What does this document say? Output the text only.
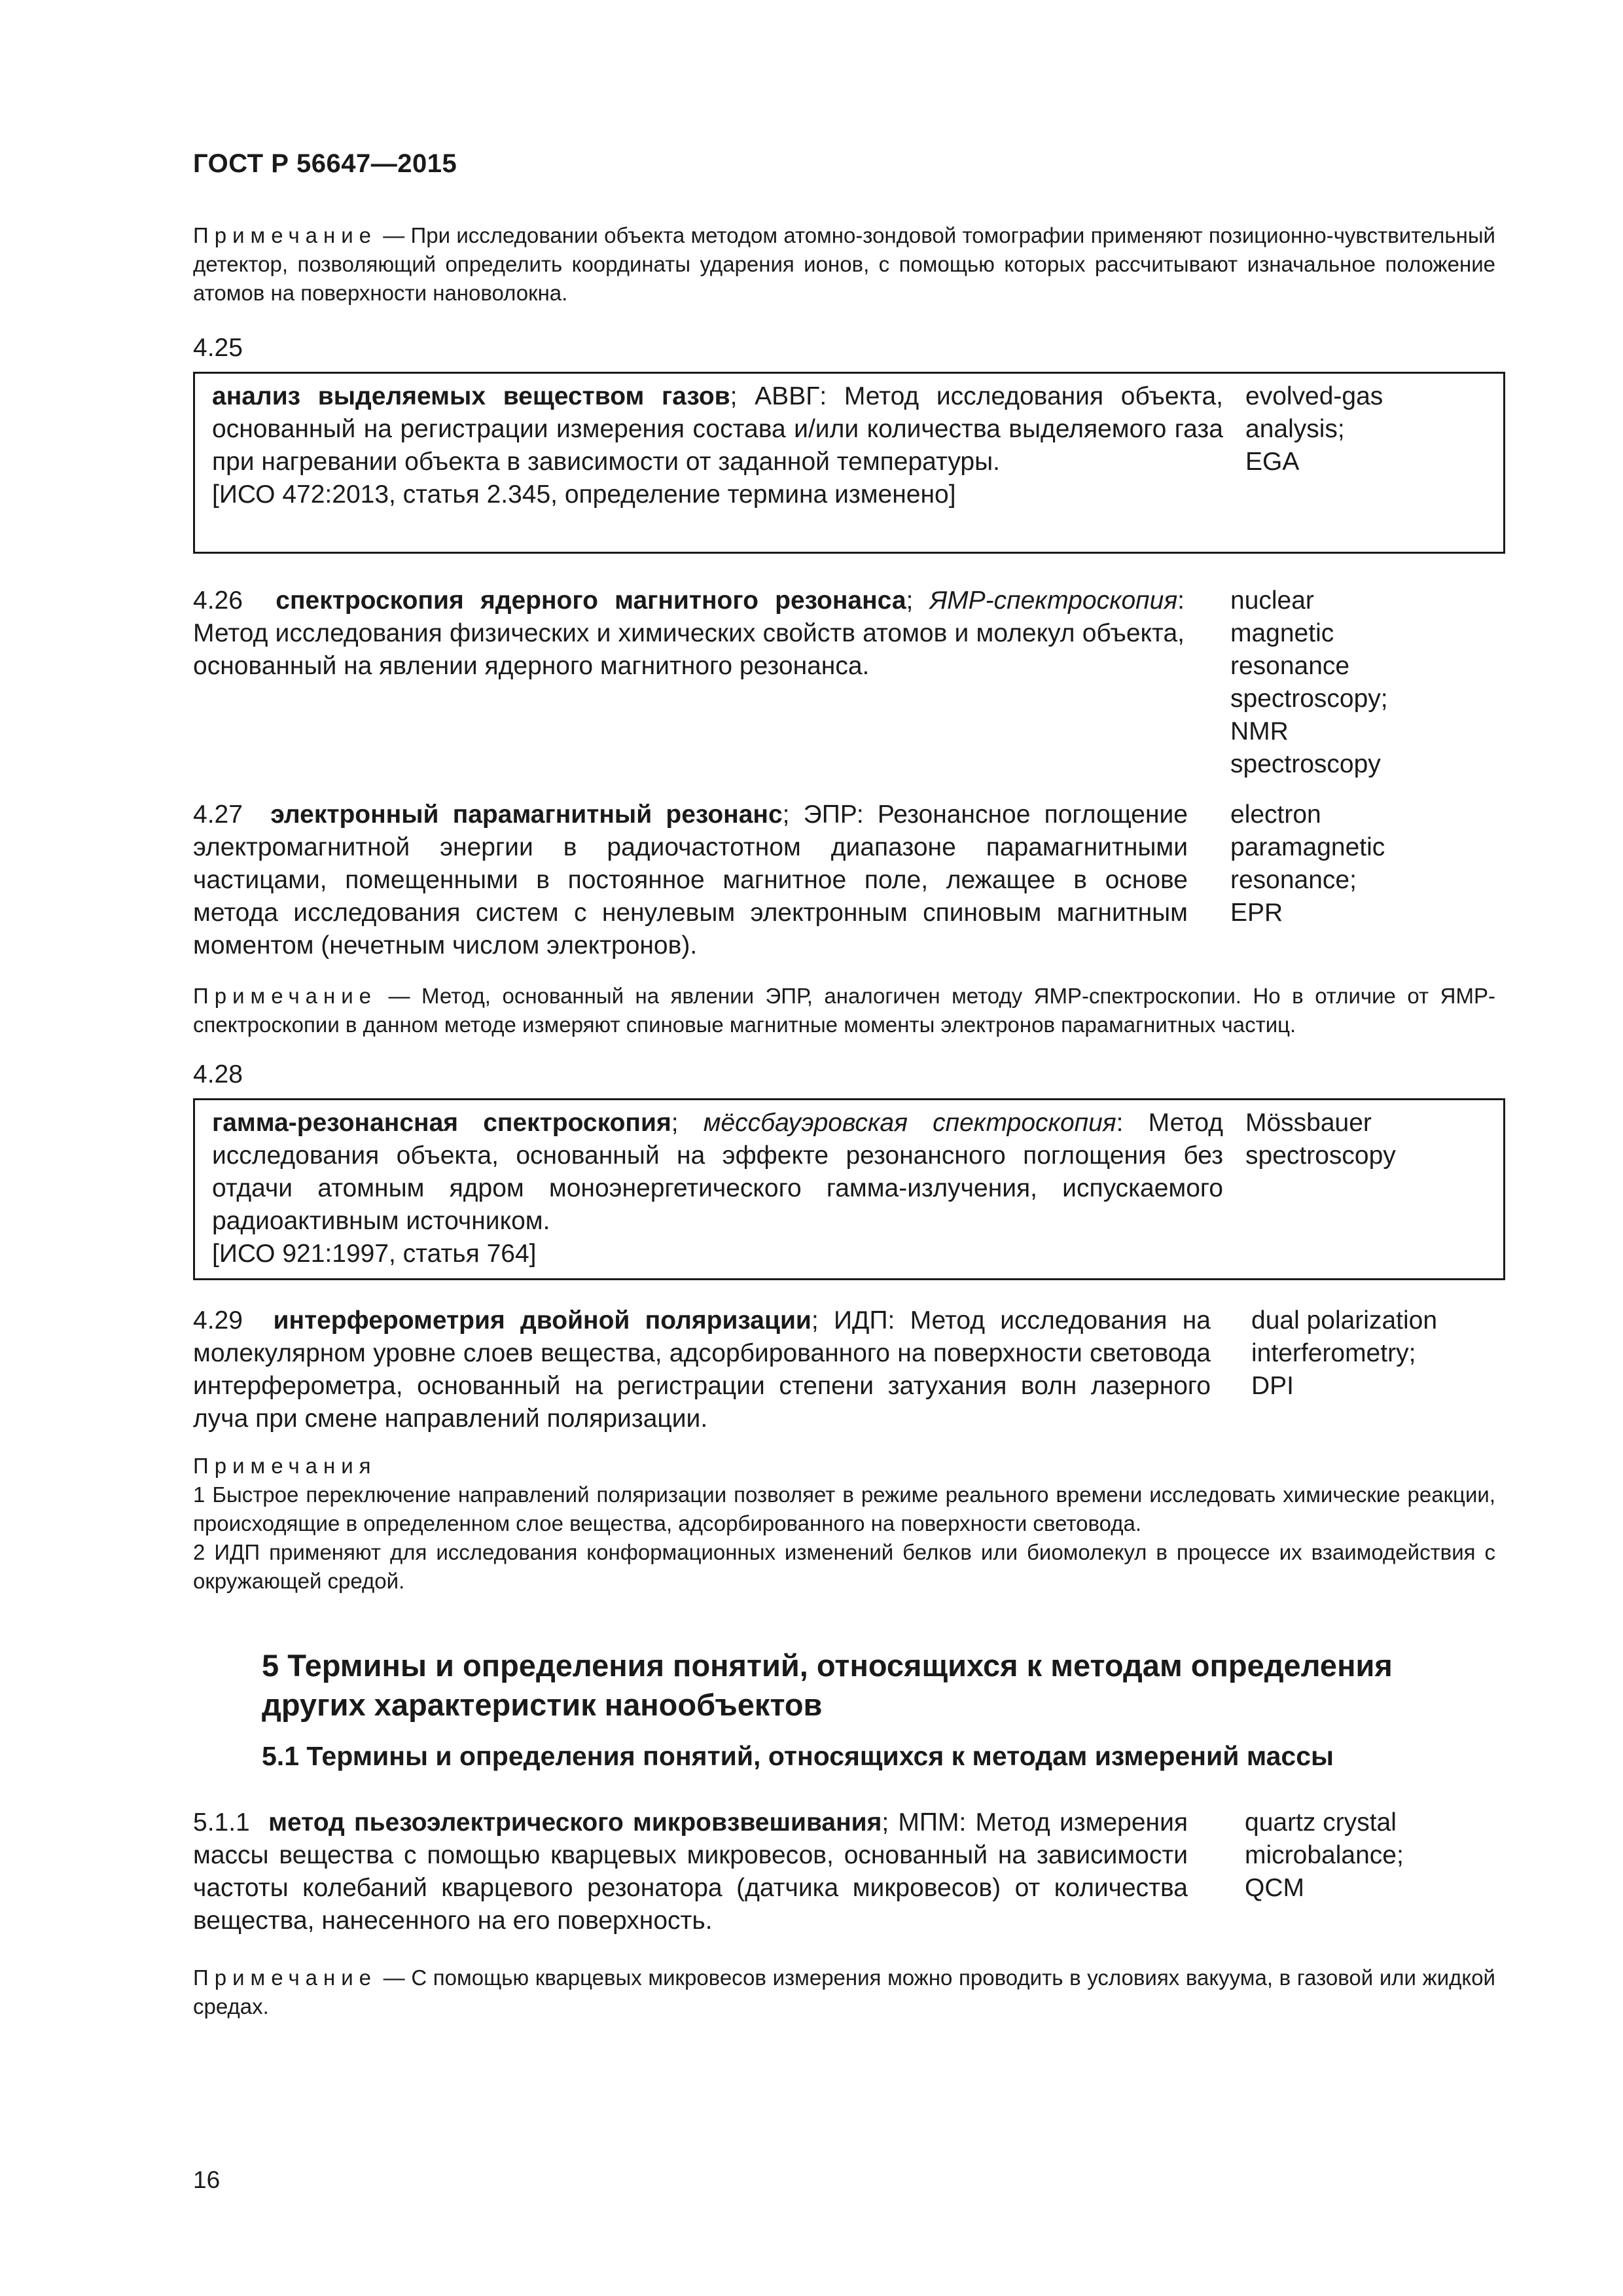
ГОСТ Р 56647—2015
Примечание — При исследовании объекта методом атомно-зондовой томографии применяют позиционно-чувствительный детектор, позволяющий определить координаты ударения ионов, с помощью которых рассчитывают изначальное положение атомов на поверхности нановолокна.
4.25
анализ выделяемых веществом газов; АВВГ: Метод исследования объекта, основанный на регистрации измерения состава и/или количества выделяемого газа при нагревании объекта в зависимости от заданной температуры.
[ИСО 472:2013, статья 2.345, определение термина изменено]
evolved-gas
analysis;
EGA
4.26 спектроскопия ядерного магнитного резонанса; ЯМР-спектроскопия: Метод исследования физических и химических свойств атомов и молекул объекта, основанный на явлении ядерного магнитного резонанса.
nuclear
magnetic
resonance
spectroscopy;
NMR
spectroscopy
4.27 электронный парамагнитный резонанс; ЭПР: Резонансное поглощение электромагнитной энергии в радиочастотном диапазоне парамагнитными частицами, помещенными в постоянное магнитное поле, лежащее в основе метода исследования систем с ненулевым электронным спиновым магнитным моментом (нечетным числом электронов).
electron
paramagnetic
resonance;
EPR
Примечание — Метод, основанный на явлении ЭПР, аналогичен методу ЯМР-спектроскопии. Но в отличие от ЯМР-спектроскопии в данном методе измеряют спиновые магнитные моменты электронов парамагнитных частиц.
4.28
гамма-резонансная спектроскопия; мёссбауэровская спектроскопия: Метод исследования объекта, основанный на эффекте резонансного поглощения без отдачи атомным ядром моноэнергетического гамма-излучения, испускаемого радиоактивным источником.
[ИСО 921:1997, статья 764]
Mössbauer
spectroscopy
4.29 интерферометрия двойной поляризации; ИДП: Метод исследования на молекулярном уровне слоев вещества, адсорбированного на поверхности световода интерферометра, основанный на регистрации степени затухания волн лазерного луча при смене направлений поляризации.
dual polarization
interferometry;
DPI
Примечания
1 Быстрое переключение направлений поляризации позволяет в режиме реального времени исследовать химические реакции, происходящие в определенном слое вещества, адсорбированного на поверхности световода.
2 ИДП применяют для исследования конформационных изменений белков или биомолекул в процессе их взаимодействия с окружающей средой.
5 Термины и определения понятий, относящихся к методам определения других характеристик нанообъектов
5.1 Термины и определения понятий, относящихся к методам измерений массы
5.1.1 метод пьезоэлектрического микровзвешивания; МПМ: Метод измерения массы вещества с помощью кварцевых микровесов, основанный на зависимости частоты колебаний кварцевого резонатора (датчика микровесов) от количества вещества, нанесенного на его поверхность.
quartz crystal
microbalance;
QCM
Примечание — С помощью кварцевых микровесов измерения можно проводить в условиях вакуума, в газовой или жидкой средах.
16
